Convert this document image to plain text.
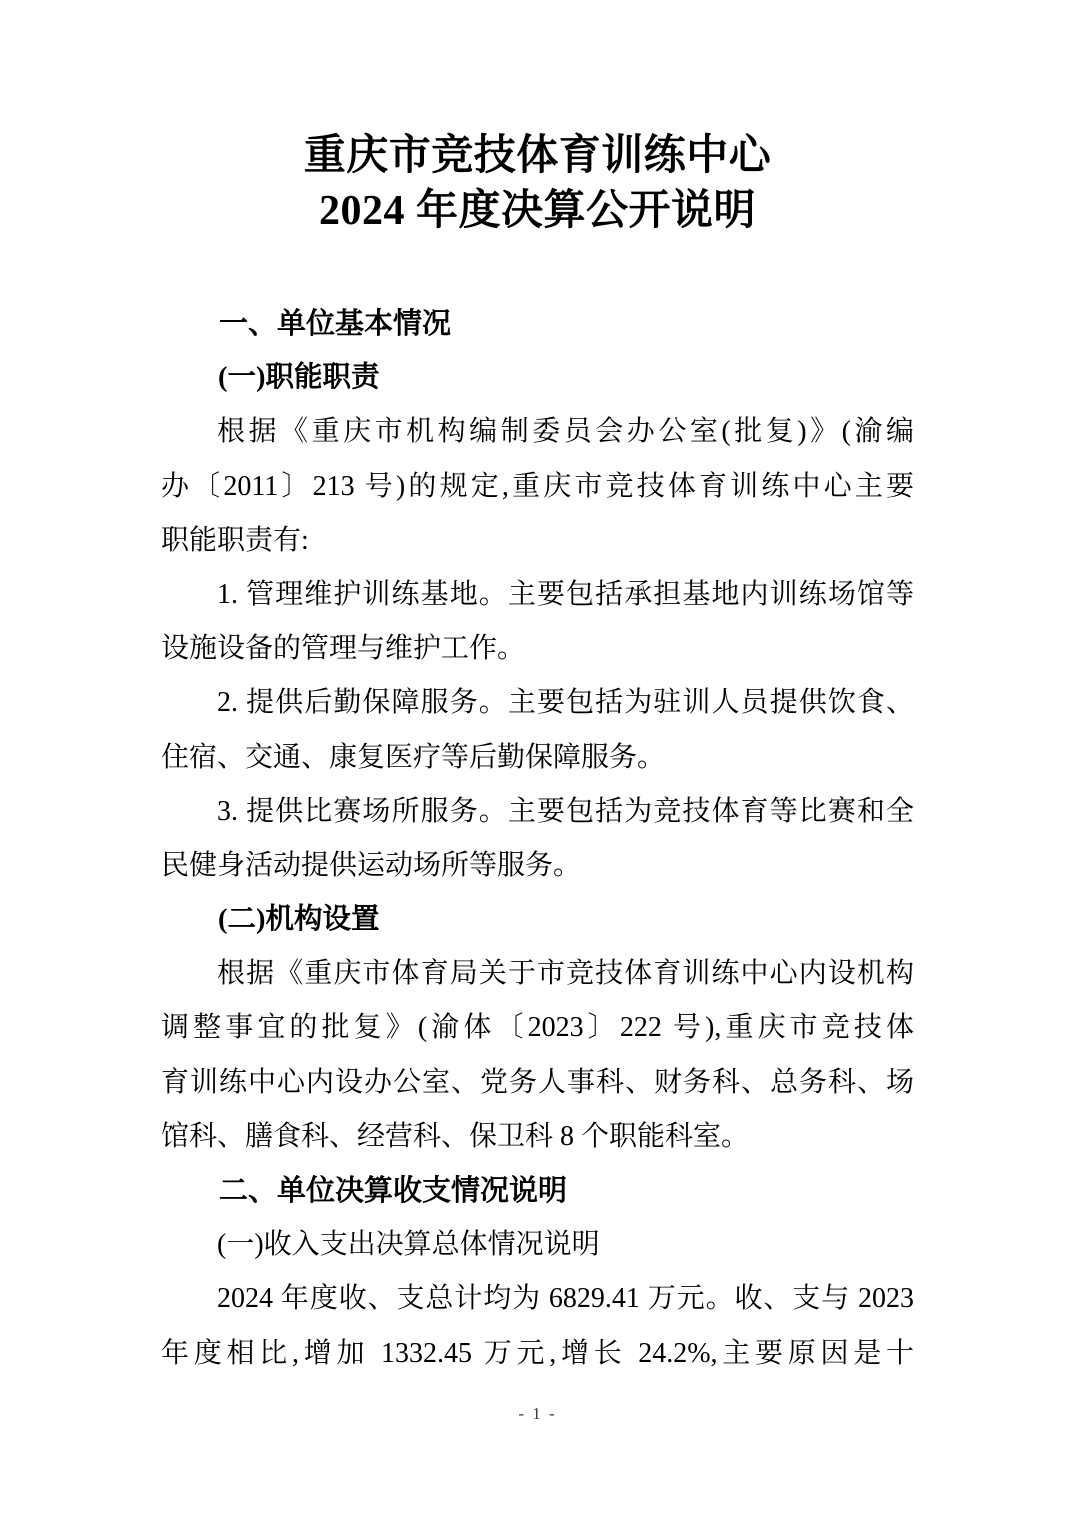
重庆市竞技体育训练中心
2024 年度决算公开说明
一、单位基本情况
(一)职能职责
根据《重庆市机构编制委员会办公室(批复)》(渝编
办〔2011〕213 号)的规定,重庆市竞技体育训练中心主要
职能职责有:
1. 管理维护训练基地。主要包括承担基地内训练场馆等
设施设备的管理与维护工作。
2. 提供后勤保障服务。主要包括为驻训人员提供饮食、
住宿、交通、康复医疗等后勤保障服务。
3. 提供比赛场所服务。主要包括为竞技体育等比赛和全
民健身活动提供运动场所等服务。
(二)机构设置
根据《重庆市体育局关于市竞技体育训练中心内设机构
调整事宜的批复》(渝体〔2023〕222 号),重庆市竞技体
育训练中心内设办公室、党务人事科、财务科、总务科、场
馆科、膳食科、经营科、保卫科 8 个职能科室。
二、单位决算收支情况说明
(一)收入支出决算总体情况说明
2024 年度收、支总计均为 6829.41 万元。收、支与 2023
年度相比,增加 1332.45 万元,增长 24.2%,主要原因是十
- 1 -
